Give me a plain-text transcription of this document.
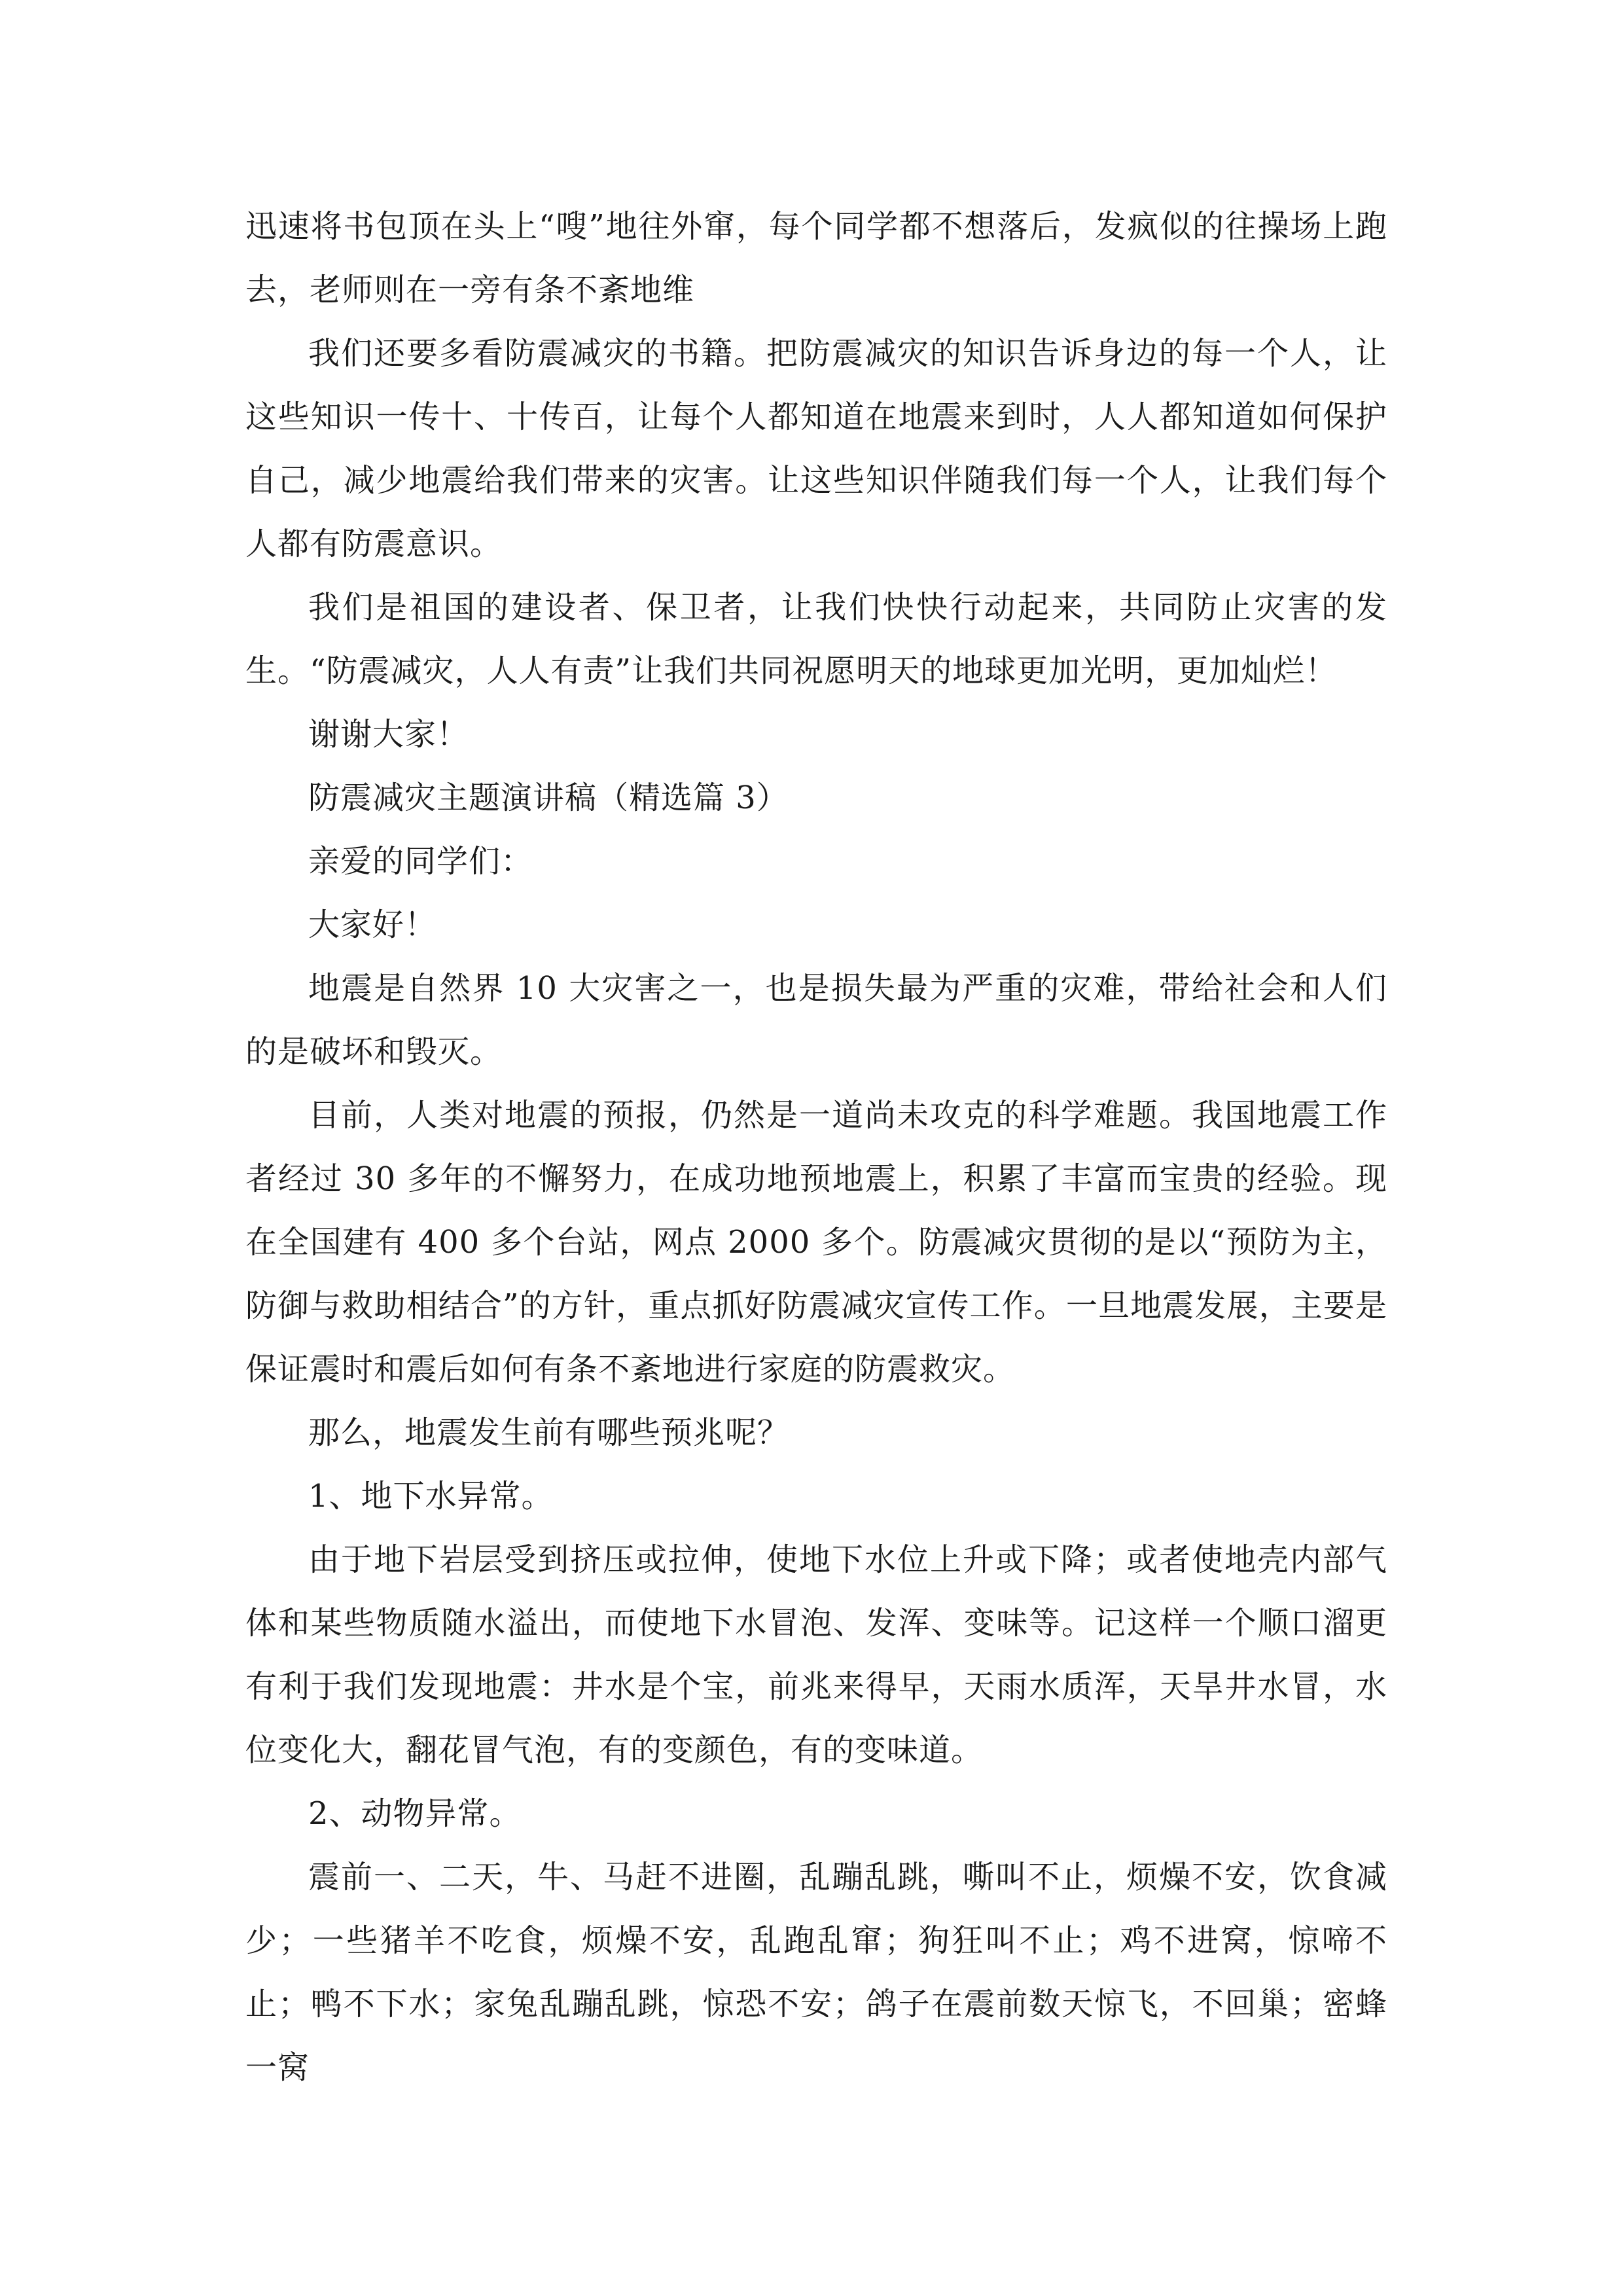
迅速将书包顶在头上“嗖”地往外窜，每个同学都不想落后，发疯似的往操场上跑去，老师则在一旁有条不紊地维

我们还要多看防震减灾的书籍。把防震减灾的知识告诉身边的每一个人，让这些知识一传十、十传百，让每个人都知道在地震来到时，人人都知道如何保护自己，减少地震给我们带来的灾害。让这些知识伴随我们每一个人，让我们每个人都有防震意识。

我们是祖国的建设者、保卫者，让我们快快行动起来，共同防止灾害的发生。“防震减灾，人人有责”让我们共同祝愿明天的地球更加光明，更加灿烂！

谢谢大家！

防震减灾主题演讲稿（精选篇 3）

亲爱的同学们：

大家好！

地震是自然界 10 大灾害之一，也是损失最为严重的灾难，带给社会和人们的是破坏和毁灭。

目前，人类对地震的预报，仍然是一道尚未攻克的科学难题。我国地震工作者经过 30 多年的不懈努力，在成功地预地震上，积累了丰富而宝贵的经验。现在全国建有 400 多个台站，网点 2000 多个。防震减灾贯彻的是以“预防为主，防御与救助相结合”的方针，重点抓好防震减灾宣传工作。一旦地震发展，主要是保证震时和震后如何有条不紊地进行家庭的防震救灾。

那么，地震发生前有哪些预兆呢？

1、地下水异常。

由于地下岩层受到挤压或拉伸，使地下水位上升或下降；或者使地壳内部气体和某些物质随水溢出，而使地下水冒泡、发浑、变味等。记这样一个顺口溜更有利于我们发现地震：井水是个宝，前兆来得早，天雨水质浑，天旱井水冒，水位变化大，翻花冒气泡，有的变颜色，有的变味道。

2、动物异常。

震前一、二天，牛、马赶不进圈，乱蹦乱跳，嘶叫不止，烦燥不安，饮食减少；一些猪羊不吃食，烦燥不安，乱跑乱窜；狗狂叫不止；鸡不进窝，惊啼不止；鸭不下水；家兔乱蹦乱跳，惊恐不安；鸽子在震前数天惊飞，不回巢；密蜂一窝
